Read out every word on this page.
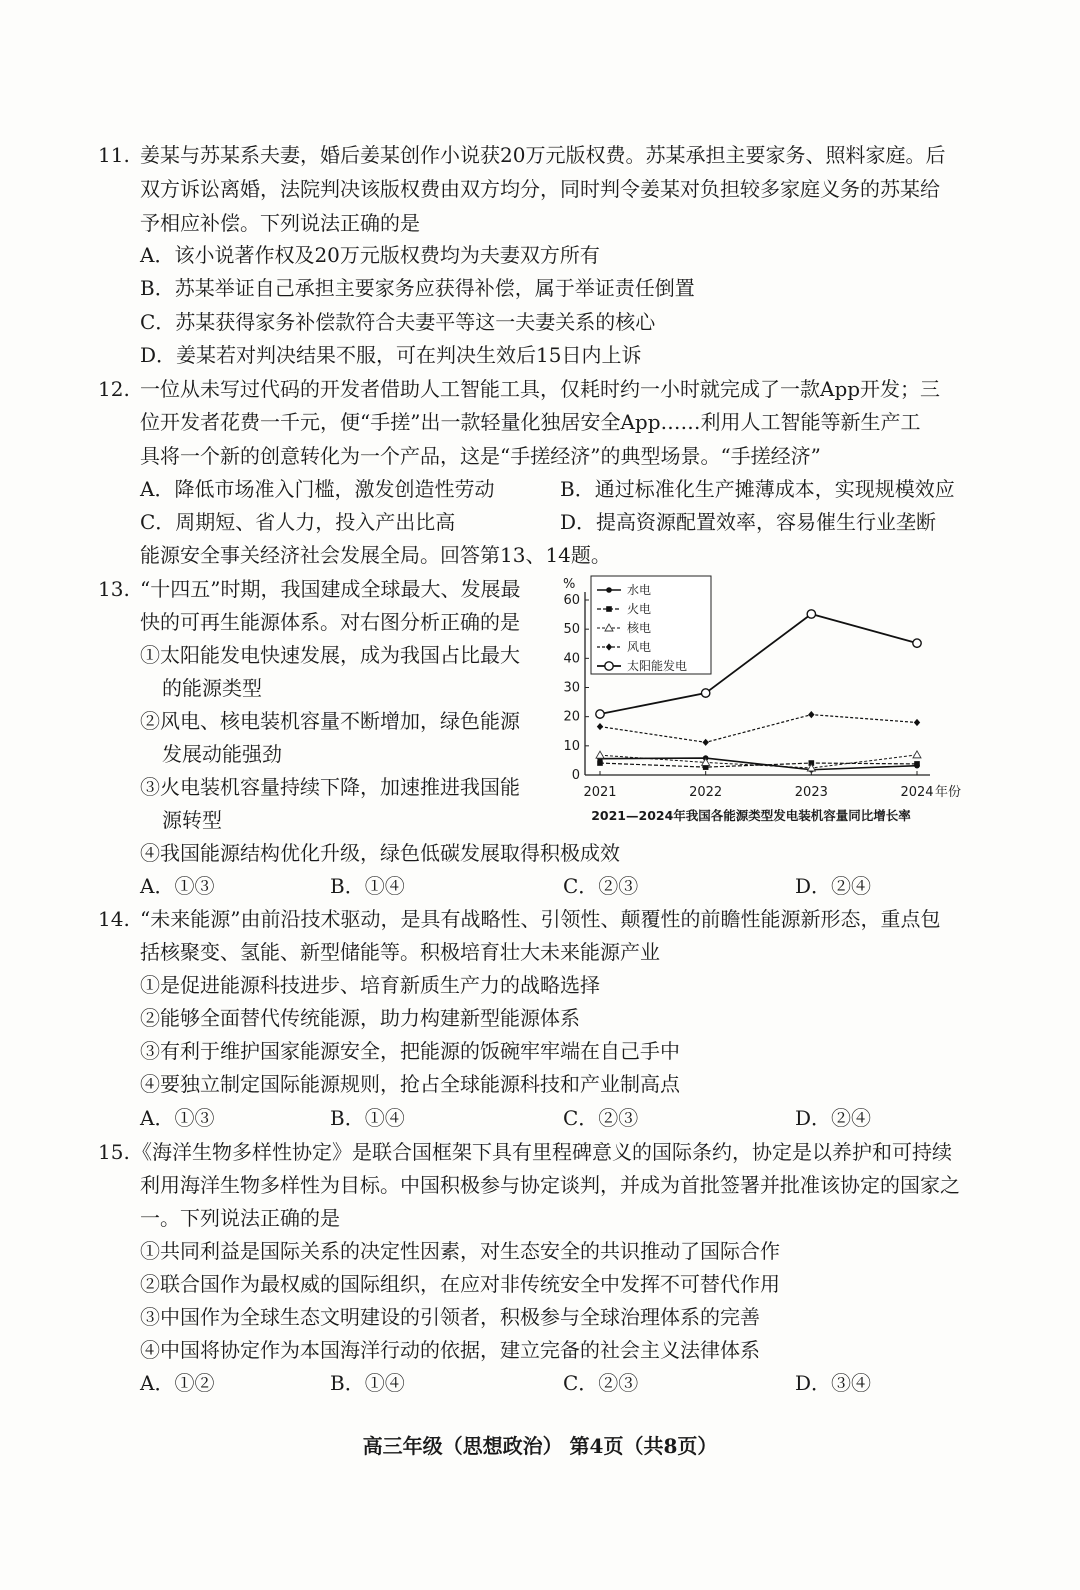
11. 姜某与苏某系夫妻，婚后姜某创作小说获20万元版权费。苏某承担主要家务、照料家庭。后
双方诉讼离婚，法院判决该版权费由双方均分，同时判令姜某对负担较多家庭义务的苏某给
予相应补偿。下列说法正确的是
A．该小说著作权及20万元版权费均为夫妻双方所有
B．苏某举证自己承担主要家务应获得补偿，属于举证责任倒置
C．苏某获得家务补偿款符合夫妻平等这一夫妻关系的核心
D．姜某若对判决结果不服，可在判决生效后15日内上诉
12. 一位从未写过代码的开发者借助人工智能工具，仅耗时约一小时就完成了一款App开发；三
位开发者花费一千元，便“手搓”出一款轻量化独居安全App……利用人工智能等新生产工
具将一个新的创意转化为一个产品，这是“手搓经济”的典型场景。“手搓经济”
A．降低市场准入门槛，激发创造性劳动	B．通过标准化生产摊薄成本，实现规模效应
C．周期短、省人力，投入产出比高	D．提高资源配置效率，容易催生行业垄断
能源安全事关经济社会发展全局。回答第13、14题。
13. “十四五”时期，我国建成全球最大、发展最
快的可再生能源体系。对右图分析正确的是
①太阳能发电快速发展，成为我国占比最大
的能源类型
②风电、核电装机容量不断增加，绿色能源
发展动能强劲
③火电装机容量持续下降，加速推进我国能
源转型
④我国能源结构优化升级，绿色低碳发展取得积极成效
A．①③	B．①④	C．②③	D．②④
%
0
10
20
30
40
50
60
2021	2022	2023	2024 年份
水电
火电
核电
风电
太阳能发电
2021—2024年我国各能源类型发电装机容量同比增长率
14. “未来能源”由前沿技术驱动，是具有战略性、引领性、颠覆性的前瞻性能源新形态，重点包
括核聚变、氢能、新型储能等。积极培育壮大未来能源产业
①是促进能源科技进步、培育新质生产力的战略选择
②能够全面替代传统能源，助力构建新型能源体系
③有利于维护国家能源安全，把能源的饭碗牢牢端在自己手中
④要独立制定国际能源规则，抢占全球能源科技和产业制高点
A．①③	B．①④	C．②③	D．②④
15. 《海洋生物多样性协定》是联合国框架下具有里程碑意义的国际条约，协定是以养护和可持续
利用海洋生物多样性为目标。中国积极参与协定谈判，并成为首批签署并批准该协定的国家之
一。下列说法正确的是
①共同利益是国际关系的决定性因素，对生态安全的共识推动了国际合作
②联合国作为最权威的国际组织，在应对非传统安全中发挥不可替代作用
③中国作为全球生态文明建设的引领者，积极参与全球治理体系的完善
④中国将协定作为本国海洋行动的依据，建立完备的社会主义法律体系
A．①②	B．①④	C．②③	D．③④
高三年级（思想政治） 第4页（共8页）
